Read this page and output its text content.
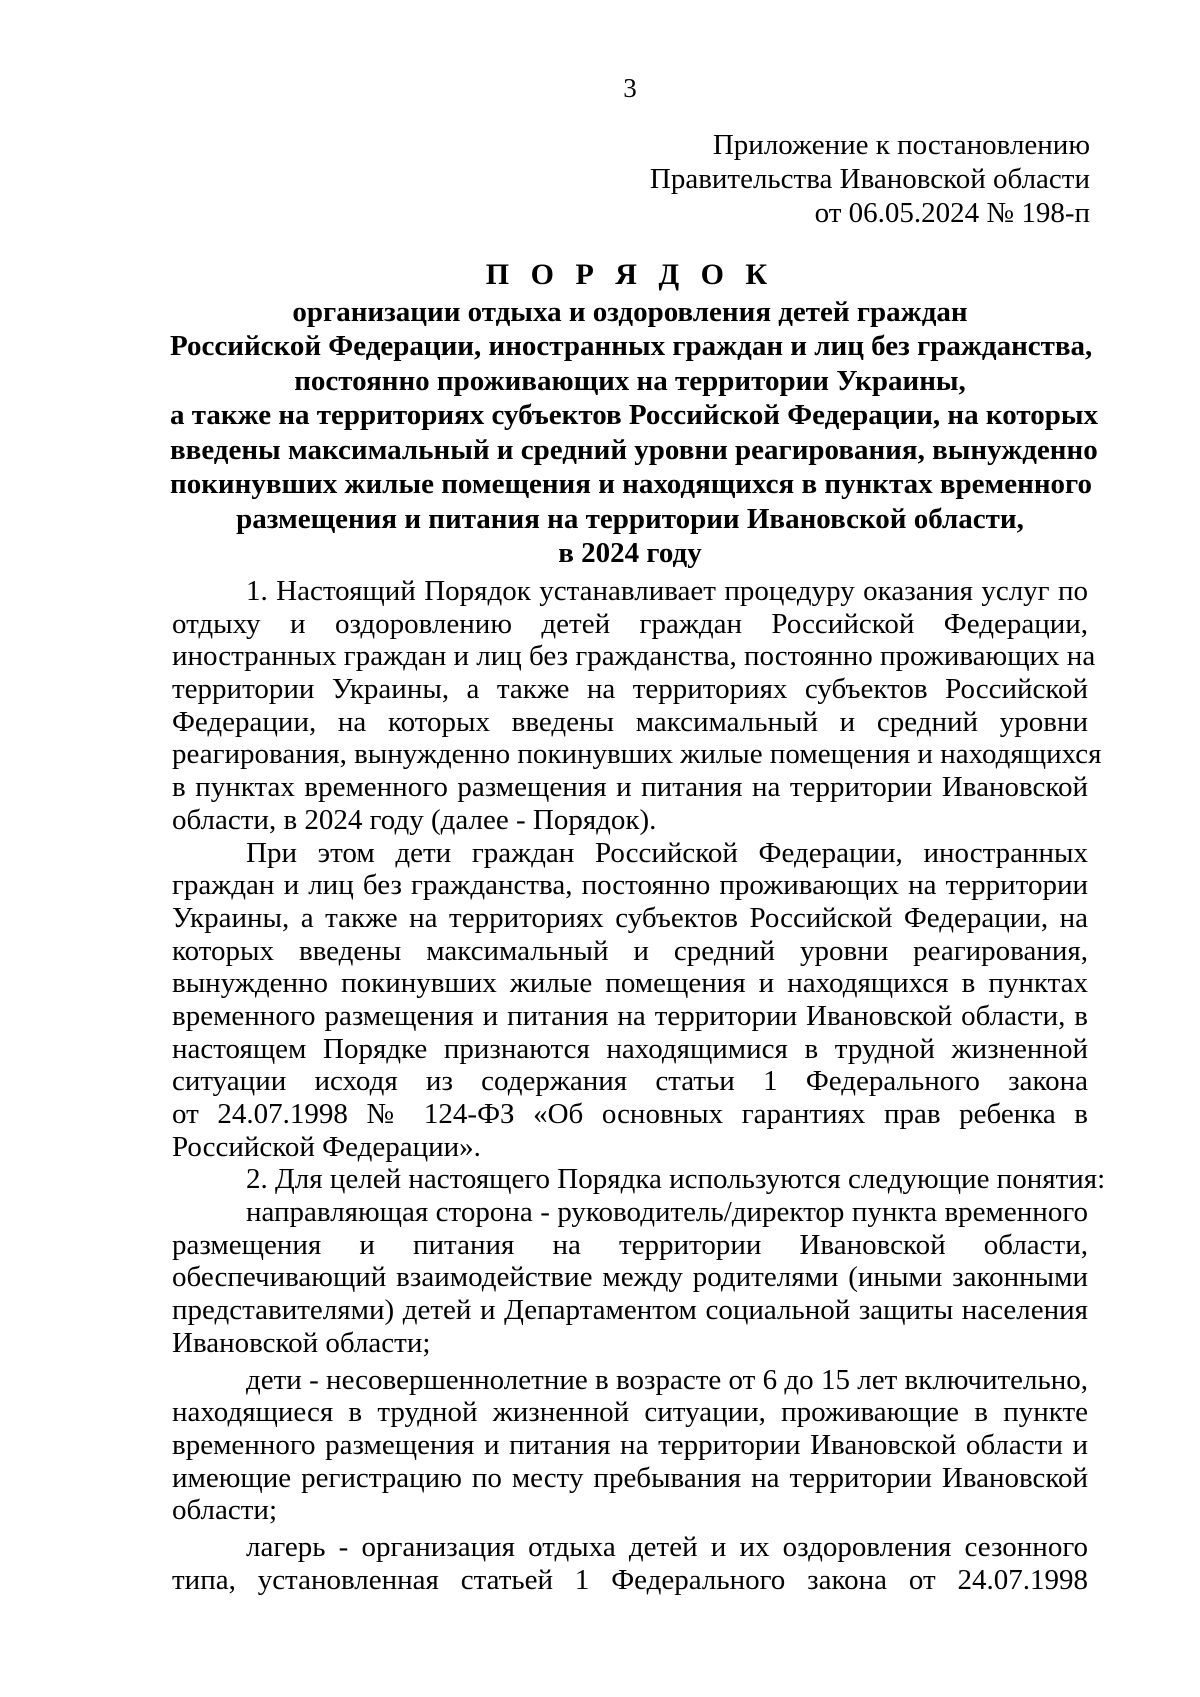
3
Приложение к постановлению
Правительства Ивановской области
от 06.05.2024 № 198-п
П О Р Я Д О К
организации отдыха и оздоровления детей граждан
Российской Федерации, иностранных граждан и лиц без гражданства,
постоянно проживающих на территории Украины,
а также на территориях субъектов Российской Федерации, на которых
введены максимальный и средний уровни реагирования, вынужденно
покинувших жилые помещения и находящихся в пунктах временного
размещения и питания на территории Ивановской области,
в 2024 году
1. Настоящий Порядок устанавливает процедуру оказания услуг по
отдыху и оздоровлению детей граждан Российской Федерации,
иностранных граждан и лиц без гражданства, постоянно проживающих на
территории Украины, а также на территориях субъектов Российской
Федерации, на которых введены максимальный и средний уровни
реагирования, вынужденно покинувших жилые помещения и находящихся
в пунктах временного размещения и питания на территории Ивановской
области, в 2024 году (далее - Порядок).
При этом дети граждан Российской Федерации, иностранных
граждан и лиц без гражданства, постоянно проживающих на территории
Украины, а также на территориях субъектов Российской Федерации, на
которых введены максимальный и средний уровни реагирования,
вынужденно покинувших жилые помещения и находящихся в пунктах
временного размещения и питания на территории Ивановской области, в
настоящем Порядке признаются находящимися в трудной жизненной
ситуации исходя из содержания статьи 1 Федерального закона
от 24.07.1998 № 124-ФЗ «Об основных гарантиях прав ребенка в
Российской Федерации».
2. Для целей настоящего Порядка используются следующие понятия:
направляющая сторона - руководитель/директор пункта временного
размещения и питания на территории Ивановской области,
обеспечивающий взаимодействие между родителями (иными законными
представителями) детей и Департаментом социальной защиты населения
Ивановской области;
дети - несовершеннолетние в возрасте от 6 до 15 лет включительно,
находящиеся в трудной жизненной ситуации, проживающие в пункте
временного размещения и питания на территории Ивановской области и
имеющие регистрацию по месту пребывания на территории Ивановской
области;
лагерь - организация отдыха детей и их оздоровления сезонного
типа, установленная статьей 1 Федерального закона от 24.07.1998
